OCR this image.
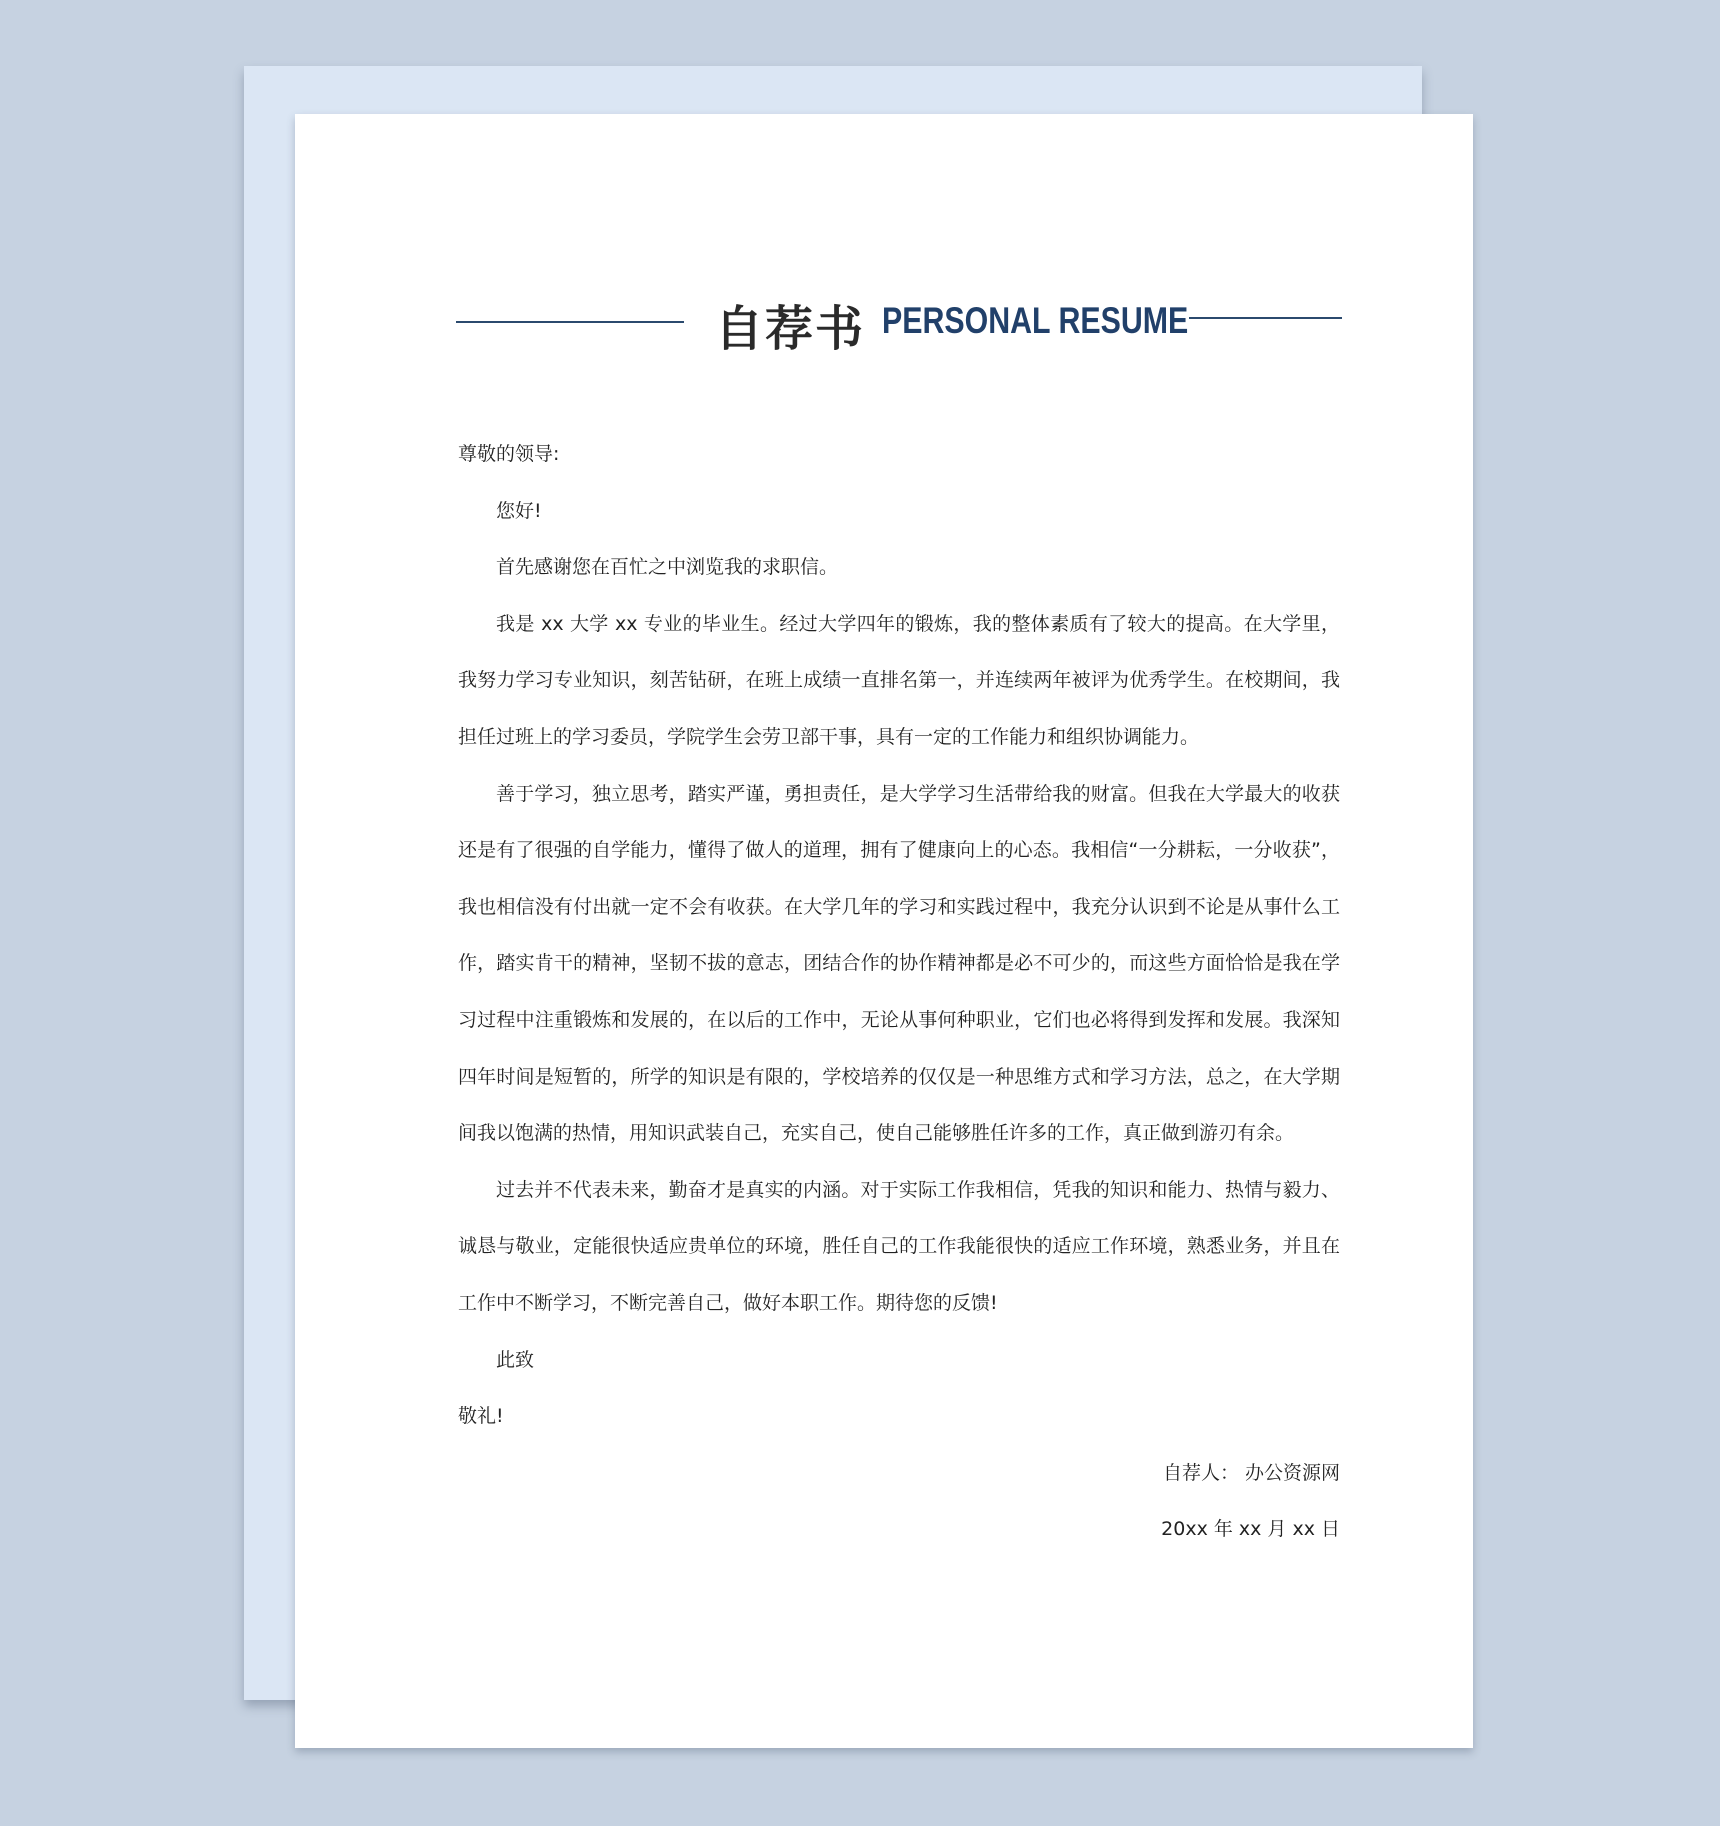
自荐书 PERSONAL RESUME

尊敬的领导:

您好!

首先感谢您在百忙之中浏览我的求职信。

我是 xx 大学 xx 专业的毕业生。经过大学四年的锻炼，我的整体素质有了较大的提高。在大学里，我努力学习专业知识，刻苦钻研，在班上成绩一直排名第一，并连续两年被评为优秀学生。在校期间，我担任过班上的学习委员，学院学生会劳卫部干事，具有一定的工作能力和组织协调能力。

善于学习，独立思考，踏实严谨，勇担责任，是大学学习生活带给我的财富。但我在大学最大的收获还是有了很强的自学能力，懂得了做人的道理，拥有了健康向上的心态。我相信“一分耕耘，一分收获”，我也相信没有付出就一定不会有收获。在大学几年的学习和实践过程中，我充分认识到不论是从事什么工作，踏实肯干的精神，坚韧不拔的意志，团结合作的协作精神都是必不可少的，而这些方面恰恰是我在学习过程中注重锻炼和发展的，在以后的工作中，无论从事何种职业，它们也必将得到发挥和发展。我深知四年时间是短暂的，所学的知识是有限的，学校培养的仅仅是一种思维方式和学习方法，总之，在大学期间我以饱满的热情，用知识武装自己，充实自己，使自己能够胜任许多的工作，真正做到游刃有余。

过去并不代表未来，勤奋才是真实的内涵。对于实际工作我相信，凭我的知识和能力、热情与毅力、诚恳与敬业，定能很快适应贵单位的环境，胜任自己的工作我能很快的适应工作环境，熟悉业务，并且在工作中不断学习，不断完善自己，做好本职工作。期待您的反馈!

此致

敬礼!

自荐人： 办公资源网

20xx 年 xx 月 xx 日
